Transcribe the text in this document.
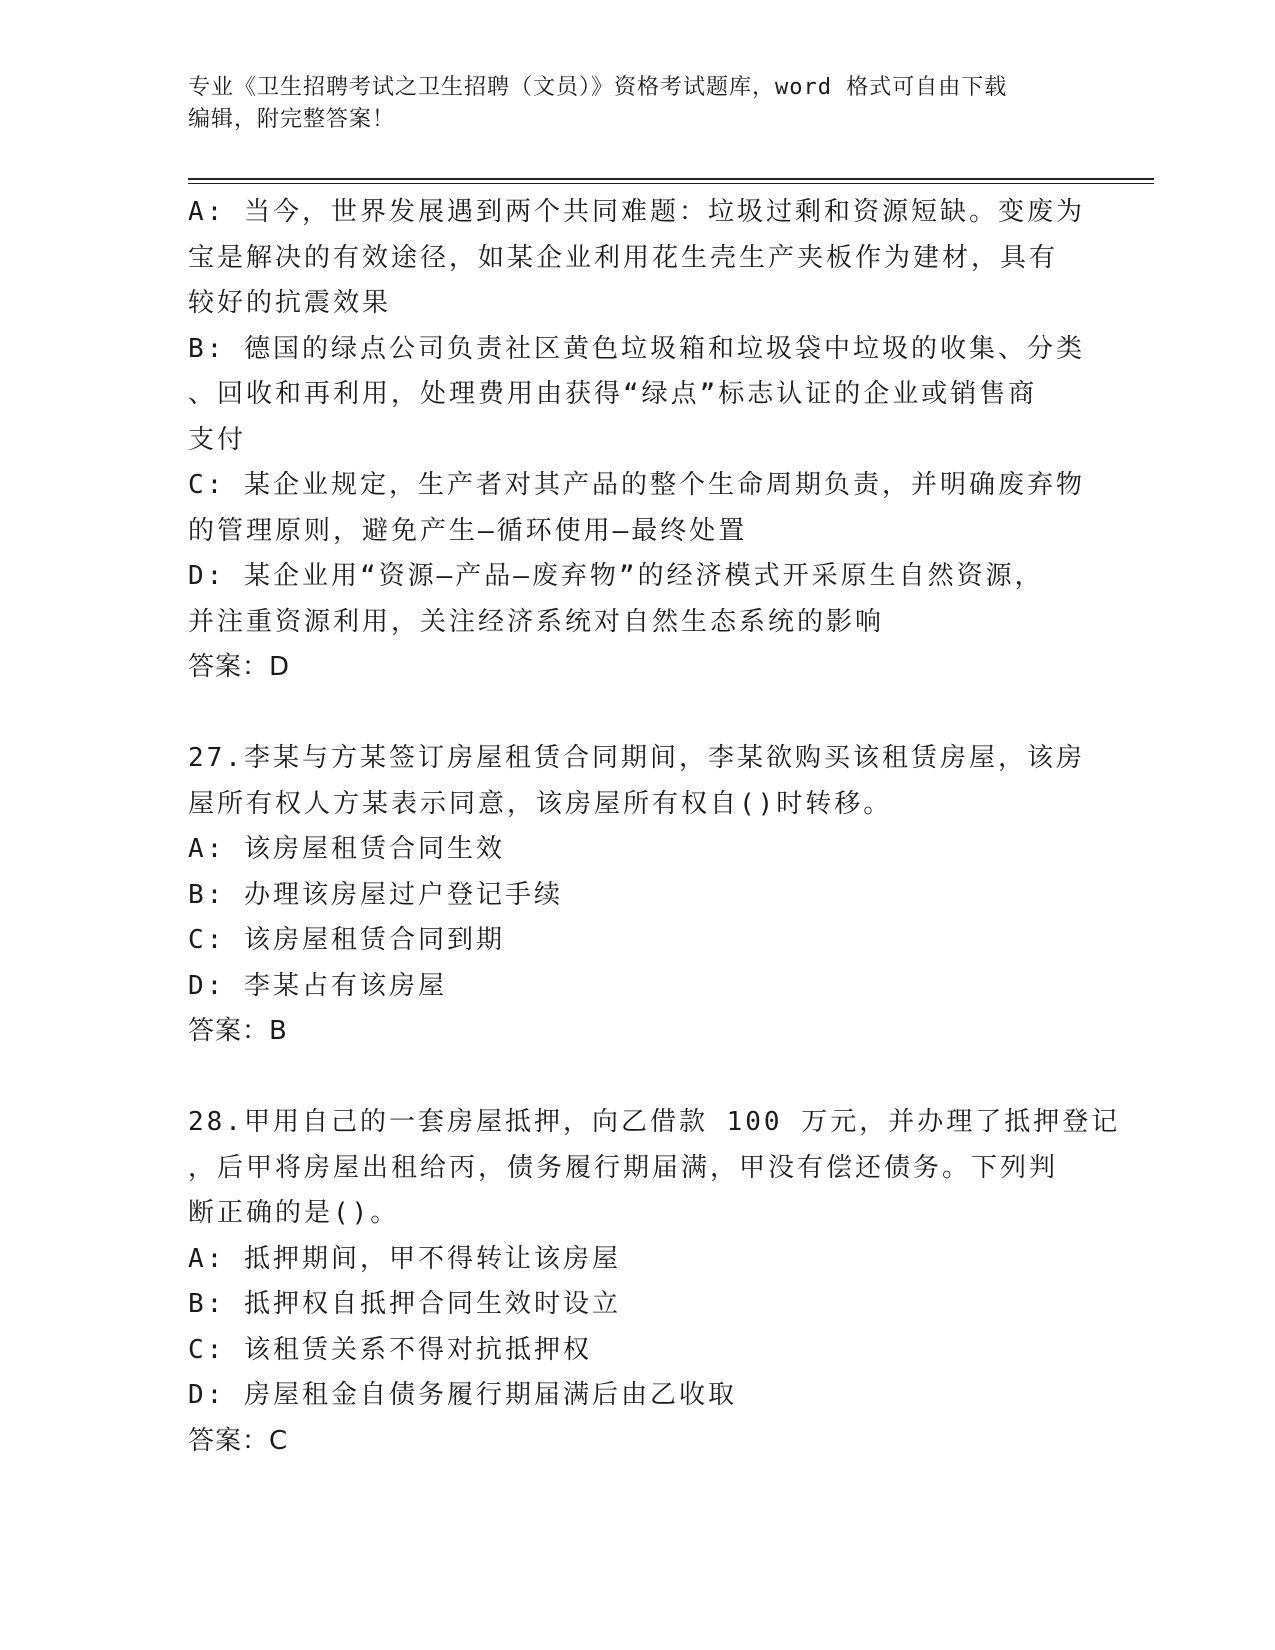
专业《卫生招聘考试之卫生招聘（文员）》资格考试题库，word 格式可自由下载
编辑，附完整答案！
A: 当今，世界发展遇到两个共同难题：垃圾过剩和资源短缺。变废为
宝是解决的有效途径，如某企业利用花生壳生产夹板作为建材，具有
较好的抗震效果
B: 德国的绿点公司负责社区黄色垃圾箱和垃圾袋中垃圾的收集、分类
、回收和再利用，处理费用由获得“绿点”标志认证的企业或销售商
支付
C: 某企业规定，生产者对其产品的整个生命周期负责，并明确废弃物
的管理原则，避免产生—循环使用—最终处置
D: 某企业用“资源—产品—废弃物”的经济模式开采原生自然资源，
并注重资源利用，关注经济系统对自然生态系统的影响
答案：D
27.李某与方某签订房屋租赁合同期间，李某欲购买该租赁房屋，该房
屋所有权人方某表示同意，该房屋所有权自()时转移。
A: 该房屋租赁合同生效
B: 办理该房屋过户登记手续
C: 该房屋租赁合同到期
D: 李某占有该房屋
答案：B
28.甲用自己的一套房屋抵押，向乙借款 100 万元，并办理了抵押登记
，后甲将房屋出租给丙，债务履行期届满，甲没有偿还债务。下列判
断正确的是()。
A: 抵押期间，甲不得转让该房屋
B: 抵押权自抵押合同生效时设立
C: 该租赁关系不得对抗抵押权
D: 房屋租金自债务履行期届满后由乙收取
答案：C
